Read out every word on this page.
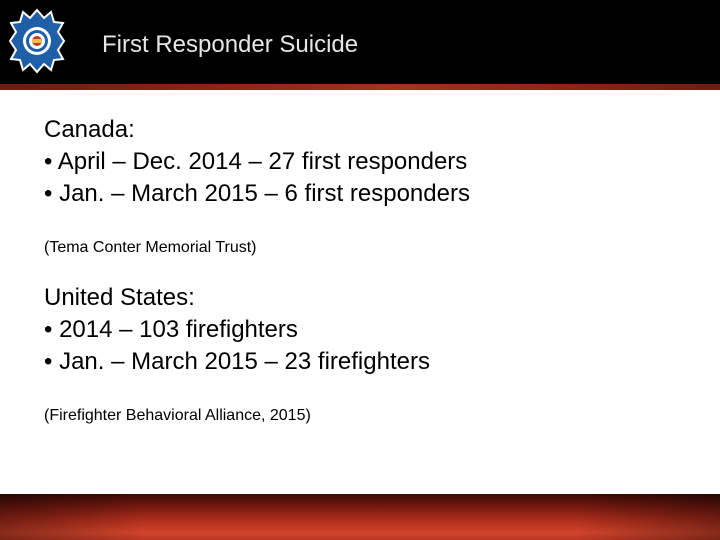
First Responder Suicide
Canada:
• April – Dec. 2014 – 27 first responders
• Jan. – March 2015 – 6 first responders
(Tema Conter Memorial Trust)
United States:
• 2014 – 103 firefighters
• Jan. – March 2015 – 23 firefighters
(Firefighter Behavioral Alliance, 2015)
